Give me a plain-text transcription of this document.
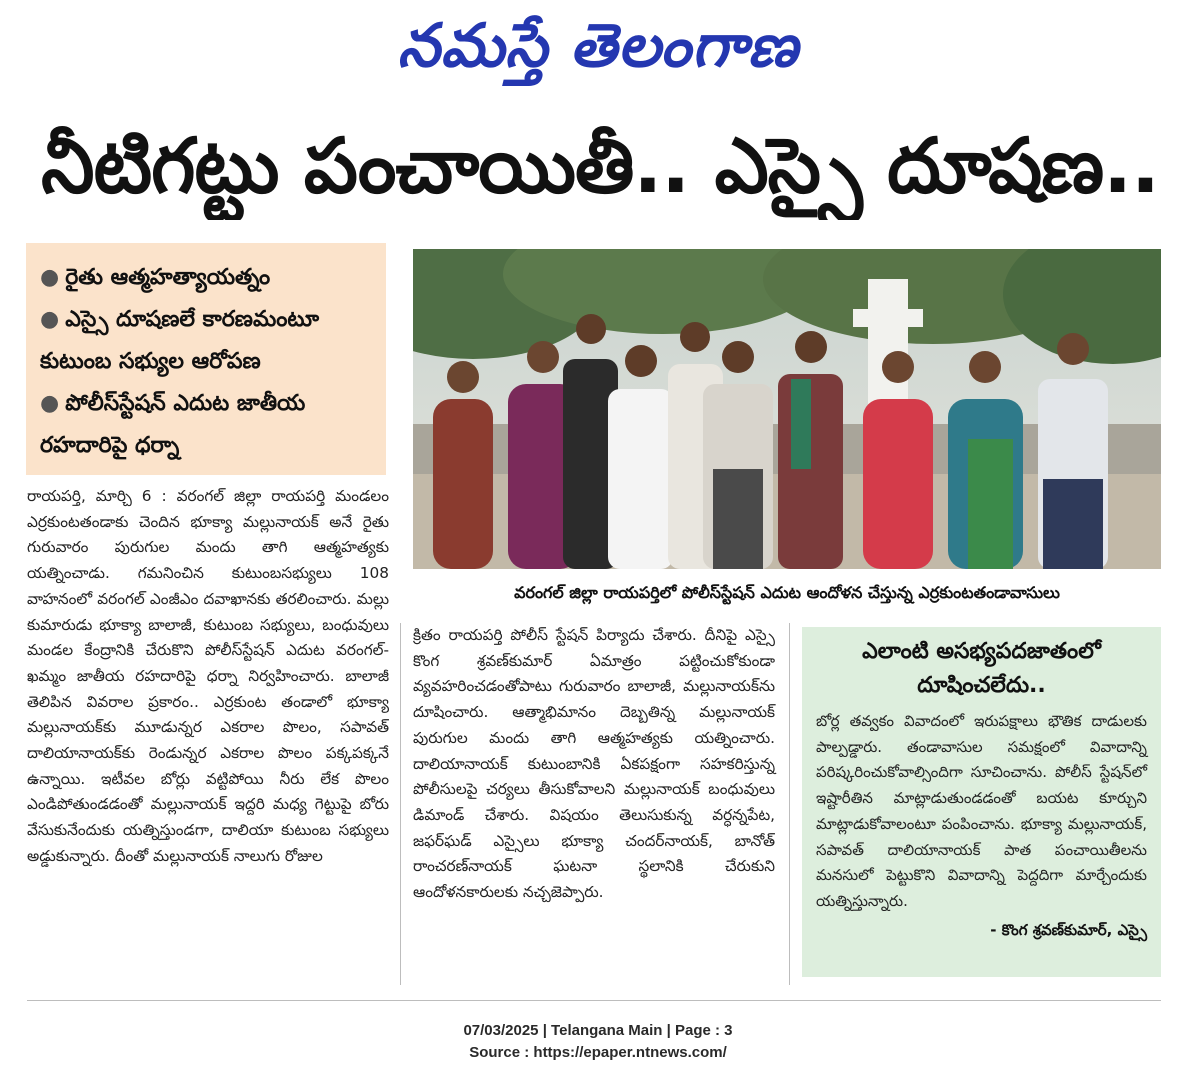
నమస్తే తెలంగాణ
నీటిగట్టు పంచాయితీ.. ఎస్సై దూషణ..
● రైతు ఆత్మహత్యాయత్నం
● ఎస్సై దూషణలే కారణమంటూ
కుటుంబ సభ్యుల ఆరోపణ
● పోలీస్‌స్టేషన్ ఎదుట జాతీయ
రహదారిపై ధర్నా
వరంగల్ జిల్లా రాయపర్తిలో పోలీస్‌స్టేషన్ ఎదుట ఆందోళన చేస్తున్న ఎర్రకుంటతండావాసులు
రాయపర్తి, మార్చి 6 : వరంగల్ జిల్లా రాయపర్తి మండలం ఎర్రకుంటతండాకు చెందిన భూక్యా మల్లునాయక్ అనే రైతు గురువారం పురుగుల మందు తాగి ఆత్మహత్యకు యత్నించాడు. గమనించిన కుటుంబసభ్యులు 108 వాహనంలో వరంగల్ ఎంజీఎం దవాఖానకు తరలించారు. మల్లు కుమారుడు భూక్యా బాలాజీ, కుటుంబ సభ్యులు, బంధువులు మండల కేంద్రానికి చేరుకొని పోలీస్‌స్టేషన్ ఎదుట వరంగల్-ఖమ్మం జాతీయ రహదారిపై ధర్నా నిర్వహించారు. బాలాజీ తెలిపిన వివరాల ప్రకారం.. ఎర్రకుంట తండాలో భూక్యా మల్లునాయక్‌కు మూడున్నర ఎకరాల పొలం, సపావత్ దాలియానాయక్‌కు రెండున్నర ఎకరాల పొలం పక్కపక్కనే ఉన్నాయి. ఇటీవల బోర్లు వట్టిపోయి నీరు లేక పొలం ఎండిపోతుండడంతో మల్లునాయక్ ఇద్దరి మధ్య గెట్టుపై బోరు వేసుకునేందుకు యత్నిస్తుండగా, దాలియా కుటుంబ సభ్యులు అడ్డుకున్నారు. దీంతో మల్లునాయక్ నాలుగు రోజుల
క్రితం రాయపర్తి పోలీస్ స్టేషన్ పిర్యాదు చేశారు. దీనిపై ఎస్సై కొంగ శ్రవణ్‌కుమార్ ఏమాత్రం పట్టించుకోకుండా వ్యవహరించడంతోపాటు గురువారం బాలాజీ, మల్లునాయక్‌ను దూషించారు. ఆత్మాభిమానం దెబ్బతిన్న మల్లునాయక్ పురుగుల మందు తాగి ఆత్మహత్యకు యత్నించారు. దాలియానాయక్ కుటుంబానికి ఏకపక్షంగా సహకరిస్తున్న పోలీసులపై చర్యలు తీసుకోవాలని మల్లునాయక్ బంధువులు డిమాండ్ చేశారు. విషయం తెలుసుకున్న వర్ధన్నపేట, జఫర్‌ఘడ్ ఎస్సైలు భూక్యా చందర్‌నాయక్, బానోత్ రాంచరణ్‌నాయక్ ఘటనా స్థలానికి చేరుకుని ఆందోళనకారులకు నచ్చజెప్పారు.
ఎలాంటి అసభ్యపదజాతంలో దూషించలేదు..
బోర్ల తవ్వకం వివాదంలో ఇరుపక్షాలు భౌతిక దాడులకు పాల్పడ్డారు. తండావాసుల సమక్షంలో వివాదాన్ని పరిష్కరించుకోవాల్సిందిగా సూచించాను. పోలీస్ స్టేషన్‌లో ఇష్టారీతిన మాట్లాడుతుండడంతో బయట కూర్చుని మాట్లాడుకోవాలంటూ పంపించాను. భూక్యా మల్లునాయక్, సపావత్ దాలియానాయక్ పాత పంచాయితీలను మనసులో పెట్టుకొని వివాదాన్ని పెద్దదిగా మార్చేందుకు యత్నిస్తున్నారు.
- కొంగ శ్రవణ్‌కుమార్, ఎస్సై
07/03/2025 | Telangana Main | Page : 3
Source : https://epaper.ntnews.com/
